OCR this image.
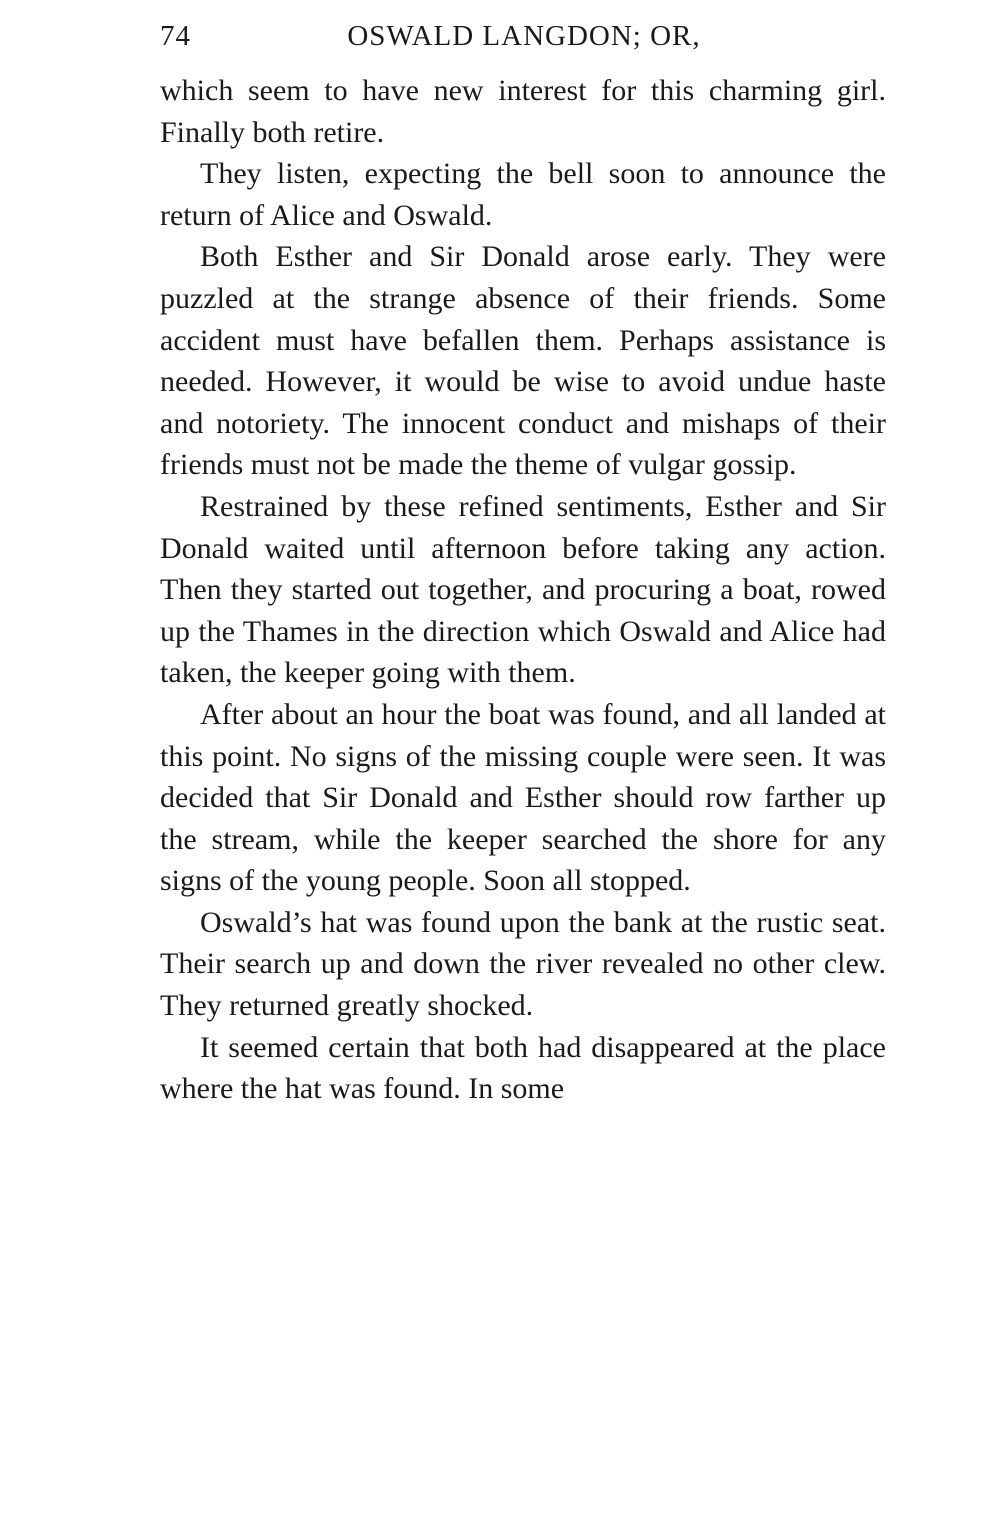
74	OSWALD LANGDON; OR,

which seem to have new interest for this charming girl. Finally both retire.

They listen, expecting the bell soon to announce the return of Alice and Oswald.

Both Esther and Sir Donald arose early. They were puzzled at the strange absence of their friends. Some accident must have befallen them. Perhaps assistance is needed. However, it would be wise to avoid undue haste and notoriety. The innocent conduct and mishaps of their friends must not be made the theme of vulgar gossip.

Restrained by these refined sentiments, Esther and Sir Donald waited until afternoon before taking any action. Then they started out together, and procuring a boat, rowed up the Thames in the direction which Oswald and Alice had taken, the keeper going with them.

After about an hour the boat was found, and all landed at this point. No signs of the missing couple were seen. It was decided that Sir Donald and Esther should row farther up the stream, while the keeper searched the shore for any signs of the young people. Soon all stopped.

Oswald’s hat was found upon the bank at the rustic seat. Their search up and down the river revealed no other clew. They returned greatly shocked.

It seemed certain that both had disappeared at the place where the hat was found. In some
